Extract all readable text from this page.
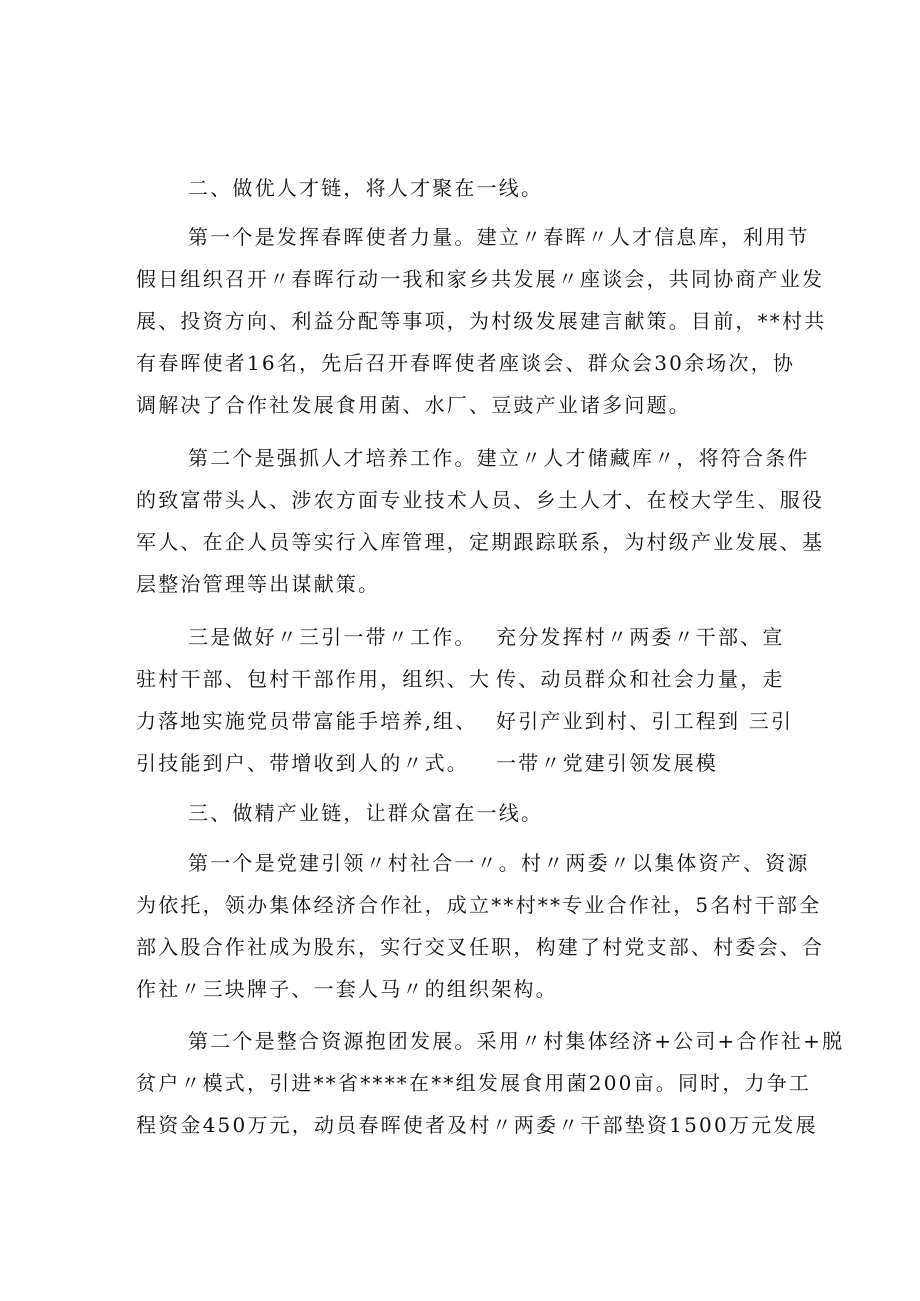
二、做优人才链，将人才聚在一线。
第一个是发挥春晖使者力量。建立〃春晖〃人才信息库，利用节
假日组织召开〃春晖行动一我和家乡共发展〃座谈会，共同协商产业发
展、投资方向、利益分配等事项，为村级发展建言献策。目前，**村共
有春晖使者16名，先后召开春晖使者座谈会、群众会30余场次，协
调解决了合作社发展食用菌、水厂、豆豉产业诸多问题。
第二个是强抓人才培养工作。建立〃人才储藏库〃，将符合条件
的致富带头人、涉农方面专业技术人员、乡土人才、在校大学生、服役
军人、在企人员等实行入库管理，定期跟踪联系，为村级产业发展、基
层整治管理等出谋献策。
三是做好〃三引一带〃工作。
驻村干部、包村干部作用，组织、大
力落地实施党员带富能手培养,组、
引技能到户、带增收到人的〃式。
充分发挥村〃两委〃干部、宣
传、动员群众和社会力量，走
好引产业到村、引工程到 三引
一带〃党建引领发展模
三、做精产业链，让群众富在一线。
第一个是党建引领〃村社合一〃。村〃两委〃以集体资产、资源
为依托，领办集体经济合作社，成立**村**专业合作社，5名村干部全
部入股合作社成为股东，实行交叉任职，构建了村党支部、村委会、合
作社〃三块牌子、一套人马〃的组织架构。
第二个是整合资源抱团发展。采用〃村集体经济+公司+合作社+脱
贫户〃模式，引进**省****在**组发展食用菌200亩。同时，力争工
程资金450万元，动员春晖使者及村〃两委〃干部垫资1500万元发展
